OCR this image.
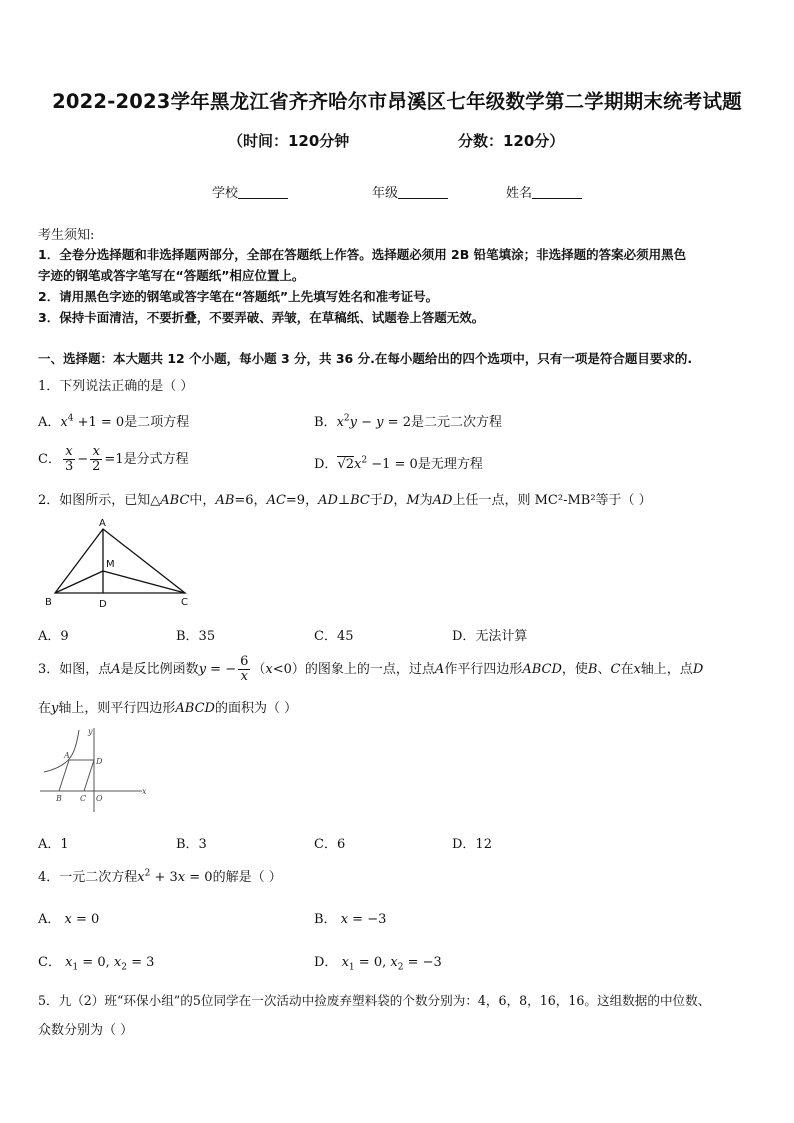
2022-2023学年黑龙江省齐齐哈尔市昂溪区七年级数学第二学期期末统考试题
（时间：120分钟	分数：120分）
学校	年级	姓名
考生须知:
1．全卷分选择题和非选择题两部分，全部在答题纸上作答。选择题必须用 2B 铅笔填涂；非选择题的答案必须用黑色
字迹的钢笔或答字笔写在“答题纸”相应位置上。
2．请用黑色字迹的钢笔或答字笔在“答题纸”上先填写姓名和准考证号。
3．保持卡面清洁，不要折叠，不要弄破、弄皱，在草稿纸、试题卷上答题无效。
一、选择题：本大题共 12 个小题，每小题 3 分，共 36 分.在每小题给出的四个选项中，只有一项是符合题目要求的.
1．下列说法正确的是（ ）
A．$x^4 +1 = 0$是二项方程	B．$x^2y - y = 2$是二元二次方程
C． $\frac{x}{3} - \frac{x}{2} =1$是分式方程	D．$√2x^2 -1 = 0$是无理方程
2．如图所示，已知△ABC中，AB=6，AC=9，AD⊥BC于D，M为AD上任一点，则 MC²-MB²等于（ ）
A
M
B	D	C
A．9	B．35	C．45	D．无法计算
3．如图，点A是反比例函数y = − $\frac{6}{x} (x<0)$的图象上的一点，过点A作平行四边形ABCD，使B、C在x轴上，点D
在y轴上，则平行四边形ABCD的面积为（ ）
A
D
B C O
x
y
A．1	B．3	C．6	D．12
4．一元二次方程$x^2 + 3x = 0$的解是（ ）
A． x = 0	B． x = −3
C． $x_1 = 0$, $x_2 = 3$	D． $x_1 = 0$, $x_2 = -3$
5．九（2）班“环保小组”的5位同学在一次活动中捡废弃塑料袋的个数分别为：4，6，8，16，16。这组数据的中位数、
众数分别为（ ）
